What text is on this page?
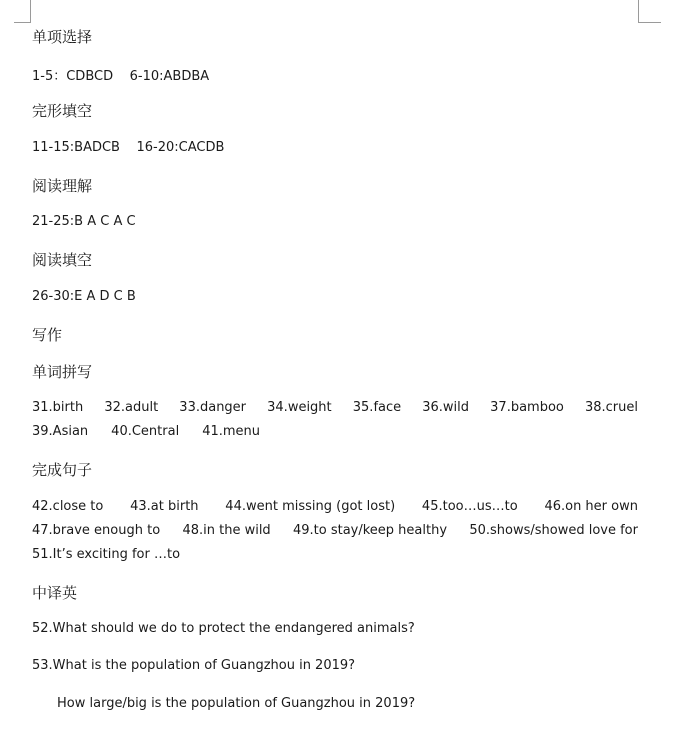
单项选择
1-5：CDBCD    6-10:ABDBA
完形填空
11-15:BADCB    16-20:CACDB
阅读理解
21-25:B A C A C
阅读填空
26-30:E A D C B
写作
单词拼写
31.birth 32.adult 33.danger 34.weight 35.face 36.wild 37.bamboo 38.cruel
39.Asian 40.Central 41.menu
完成句子
42.close to 43.at birth 44.went missing (got lost) 45.too…us…to 46.on her own
47.brave enough to 48.in the wild 49.to stay/keep healthy 50.shows/showed love for
51.It’s exciting for …to
中译英
52.What should we do to protect the endangered animals?
53.What is the population of Guangzhou in 2019?
How large/big is the population of Guangzhou in 2019?
